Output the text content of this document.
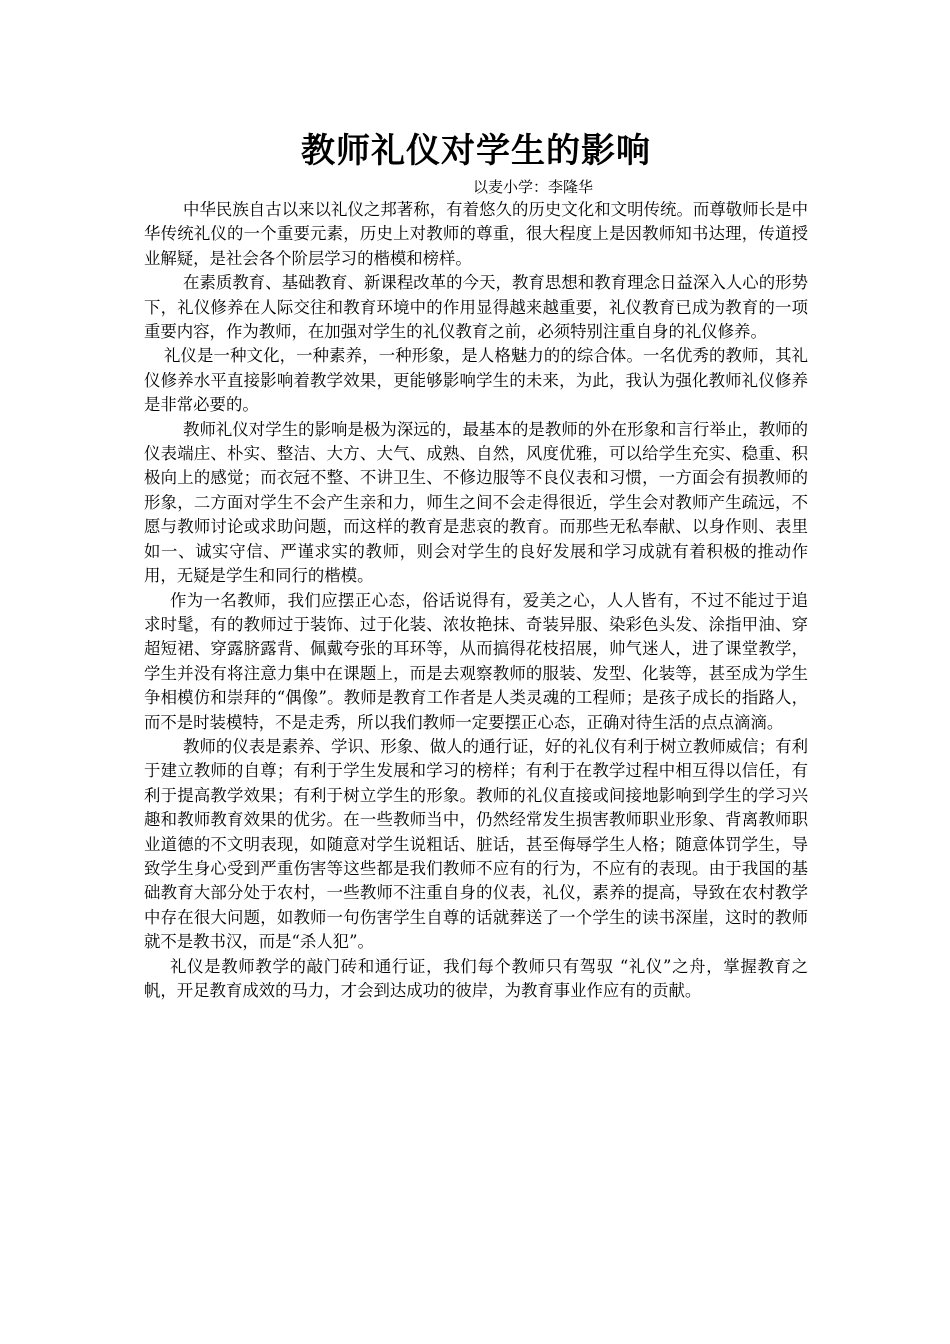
教师礼仪对学生的影响

以麦小学：李隆华

中华民族自古以来以礼仪之邦著称，有着悠久的历史文化和文明传统。而尊敬师长是中华传统礼仪的一个重要元素，历史上对教师的尊重，很大程度上是因教师知书达理，传道授业解疑，是社会各个阶层学习的楷模和榜样。

在素质教育、基础教育、新课程改革的今天，教育思想和教育理念日益深入人心的形势下，礼仪修养在人际交往和教育环境中的作用显得越来越重要，礼仪教育已成为教育的一项重要内容，作为教师，在加强对学生的礼仪教育之前，必须特别注重自身的礼仪修养。

礼仪是一种文化，一种素养，一种形象，是人格魅力的的综合体。一名优秀的教师，其礼仪修养水平直接影响着教学效果，更能够影响学生的未来，为此，我认为强化教师礼仪修养是非常必要的。

教师礼仪对学生的影响是极为深远的，最基本的是教师的外在形象和言行举止，教师的仪表端庄、朴实、整洁、大方、大气、成熟、自然，风度优雅，可以给学生充实、稳重、积极向上的感觉；而衣冠不整、不讲卫生、不修边服等不良仪表和习惯，一方面会有损教师的形象，二方面对学生不会产生亲和力，师生之间不会走得很近，学生会对教师产生疏远，不愿与教师讨论或求助问题，而这样的教育是悲哀的教育。而那些无私奉献、以身作则、表里如一、诚实守信、严谨求实的教师，则会对学生的良好发展和学习成就有着积极的推动作用，无疑是学生和同行的楷模。

作为一名教师，我们应摆正心态，俗话说得有，爱美之心，人人皆有，不过不能过于追求时髦，有的教师过于装饰、过于化装、浓妆艳抹、奇装异服、染彩色头发、涂指甲油、穿超短裙、穿露脐露背、佩戴夸张的耳环等，从而搞得花枝招展，帅气迷人，进了课堂教学，学生并没有将注意力集中在课题上，而是去观察教师的服装、发型、化装等，甚至成为学生争相模仿和崇拜的“偶像”。教师是教育工作者是人类灵魂的工程师；是孩子成长的指路人，而不是时装模特，不是走秀，所以我们教师一定要摆正心态，正确对待生活的点点滴滴。

教师的仪表是素养、学识、形象、做人的通行证，好的礼仪有利于树立教师威信；有利于建立教师的自尊；有利于学生发展和学习的榜样；有利于在教学过程中相互得以信任，有利于提高教学效果；有利于树立学生的形象。教师的礼仪直接或间接地影响到学生的学习兴趣和教师教育效果的优劣。在一些教师当中，仍然经常发生损害教师职业形象、背离教师职业道德的不文明表现，如随意对学生说粗话、脏话，甚至侮辱学生人格；随意体罚学生，导致学生身心受到严重伤害等这些都是我们教师不应有的行为，不应有的表现。由于我国的基础教育大部分处于农村，一些教师不注重自身的仪表，礼仪，素养的提高，导致在农村教学中存在很大问题，如教师一句伤害学生自尊的话就葬送了一个学生的读书深崖，这时的教师就不是教书汉，而是“杀人犯”。

礼仪是教师教学的敲门砖和通行证，我们每个教师只有驾驭 “礼仪”之舟，掌握教育之帆，开足教育成效的马力，才会到达成功的彼岸，为教育事业作应有的贡献。
